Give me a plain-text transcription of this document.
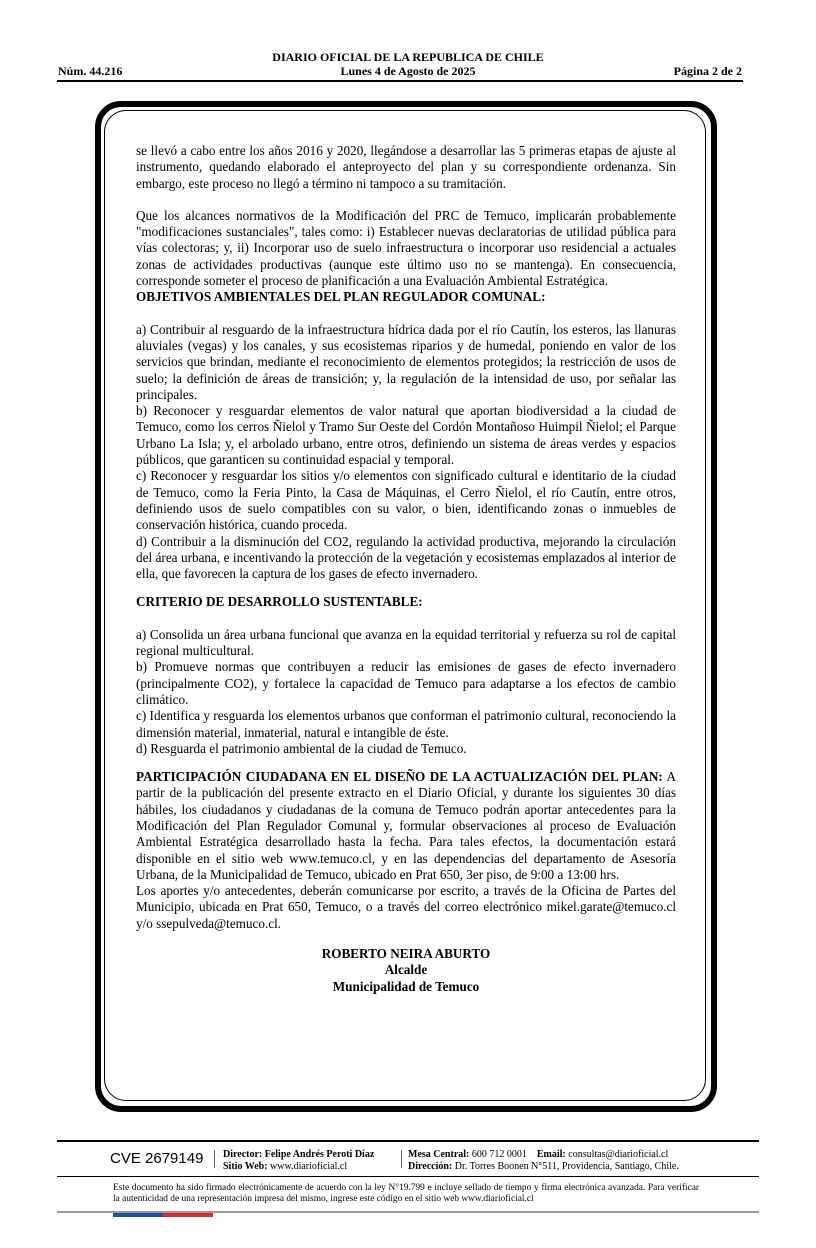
DIARIO OFICIAL DE LA REPUBLICA DE CHILE
Núm. 44.216	Lunes 4 de Agosto de 2025	Página 2 de 2

se llevó a cabo entre los años 2016 y 2020, llegándose a desarrollar las 5 primeras etapas de ajuste al instrumento, quedando elaborado el anteproyecto del plan y su correspondiente ordenanza. Sin embargo, este proceso no llegó a término ni tampoco a su tramitación.

Que los alcances normativos de la Modificación del PRC de Temuco, implicarán probablemente "modificaciones sustanciales", tales como: i) Establecer nuevas declaratorias de utilidad pública para vías colectoras; y, ii) Incorporar uso de suelo infraestructura o incorporar uso residencial a actuales zonas de actividades productivas (aunque este último uso no se mantenga). En consecuencia, corresponde someter el proceso de planificación a una Evaluación Ambiental Estratégica.

OBJETIVOS AMBIENTALES DEL PLAN REGULADOR COMUNAL:

a) Contribuir al resguardo de la infraestructura hídrica dada por el río Cautín, los esteros, las llanuras aluviales (vegas) y los canales, y sus ecosistemas riparios y de humedal, poniendo en valor de los servicios que brindan, mediante el reconocimiento de elementos protegidos; la restricción de usos de suelo; la definición de áreas de transición; y, la regulación de la intensidad de uso, por señalar las principales.

b) Reconocer y resguardar elementos de valor natural que aportan biodiversidad a la ciudad de Temuco, como los cerros Ñielol y Tramo Sur Oeste del Cordón Montañoso Huimpil Ñielol; el Parque Urbano La Isla; y, el arbolado urbano, entre otros, definiendo un sistema de áreas verdes y espacios públicos, que garanticen su continuidad espacial y temporal.

c) Reconocer y resguardar los sitios y/o elementos con significado cultural e identitario de la ciudad de Temuco, como la Feria Pinto, la Casa de Máquinas, el Cerro Ñielol, el río Cautín, entre otros, definiendo usos de suelo compatibles con su valor, o bien, identificando zonas o inmuebles de conservación histórica, cuando proceda.

d) Contribuir a la disminución del CO2, regulando la actividad productiva, mejorando la circulación del área urbana, e incentivando la protección de la vegetación y ecosistemas emplazados al interior de ella, que favorecen la captura de los gases de efecto invernadero.

CRITERIO DE DESARROLLO SUSTENTABLE:

a) Consolida un área urbana funcional que avanza en la equidad territorial y refuerza su rol de capital regional multicultural.

b) Promueve normas que contribuyen a reducir las emisiones de gases de efecto invernadero (principalmente CO2), y fortalece la capacidad de Temuco para adaptarse a los efectos de cambio climático.

c) Identifica y resguarda los elementos urbanos que conforman el patrimonio cultural, reconociendo la dimensión material, inmaterial, natural e intangible de éste.

d) Resguarda el patrimonio ambiental de la ciudad de Temuco.

PARTICIPACIÓN CIUDADANA EN EL DISEÑO DE LA ACTUALIZACIÓN DEL PLAN: A partir de la publicación del presente extracto en el Diario Oficial, y durante los siguientes 30 días hábiles, los ciudadanos y ciudadanas de la comuna de Temuco podrán aportar antecedentes para la Modificación del Plan Regulador Comunal y, formular observaciones al proceso de Evaluación Ambiental Estratégica desarrollado hasta la fecha. Para tales efectos, la documentación estará disponible en el sitio web www.temuco.cl, y en las dependencias del departamento de Asesoría Urbana, de la Municipalidad de Temuco, ubicado en Prat 650, 3er piso, de 9:00 a 13:00 hrs.

Los aportes y/o antecedentes, deberán comunicarse por escrito, a través de la Oficina de Partes del Municipio, ubicada en Prat 650, Temuco, o a través del correo electrónico mikel.garate@temuco.cl y/o ssepulveda@temuco.cl.

ROBERTO NEIRA ABURTO
Alcalde
Municipalidad de Temuco
CVE 2679149 Director: Felipe Andrés Peroti Díaz
Sitio Web: www.diarioficial.cl
Mesa Central: 600 712 0001 Email: consultas@diarioficial.cl
Dirección: Dr. Torres Boonen N°511, Providencia, Santiago, Chile.
Este documento ha sido firmado electrónicamente de acuerdo con la ley N°19.799 e incluye sellado de tiempo y firma electrónica avanzada. Para verificar la autenticidad de una representación impresa del mismo, ingrese este código en el sitio web www.diarioficial.cl
